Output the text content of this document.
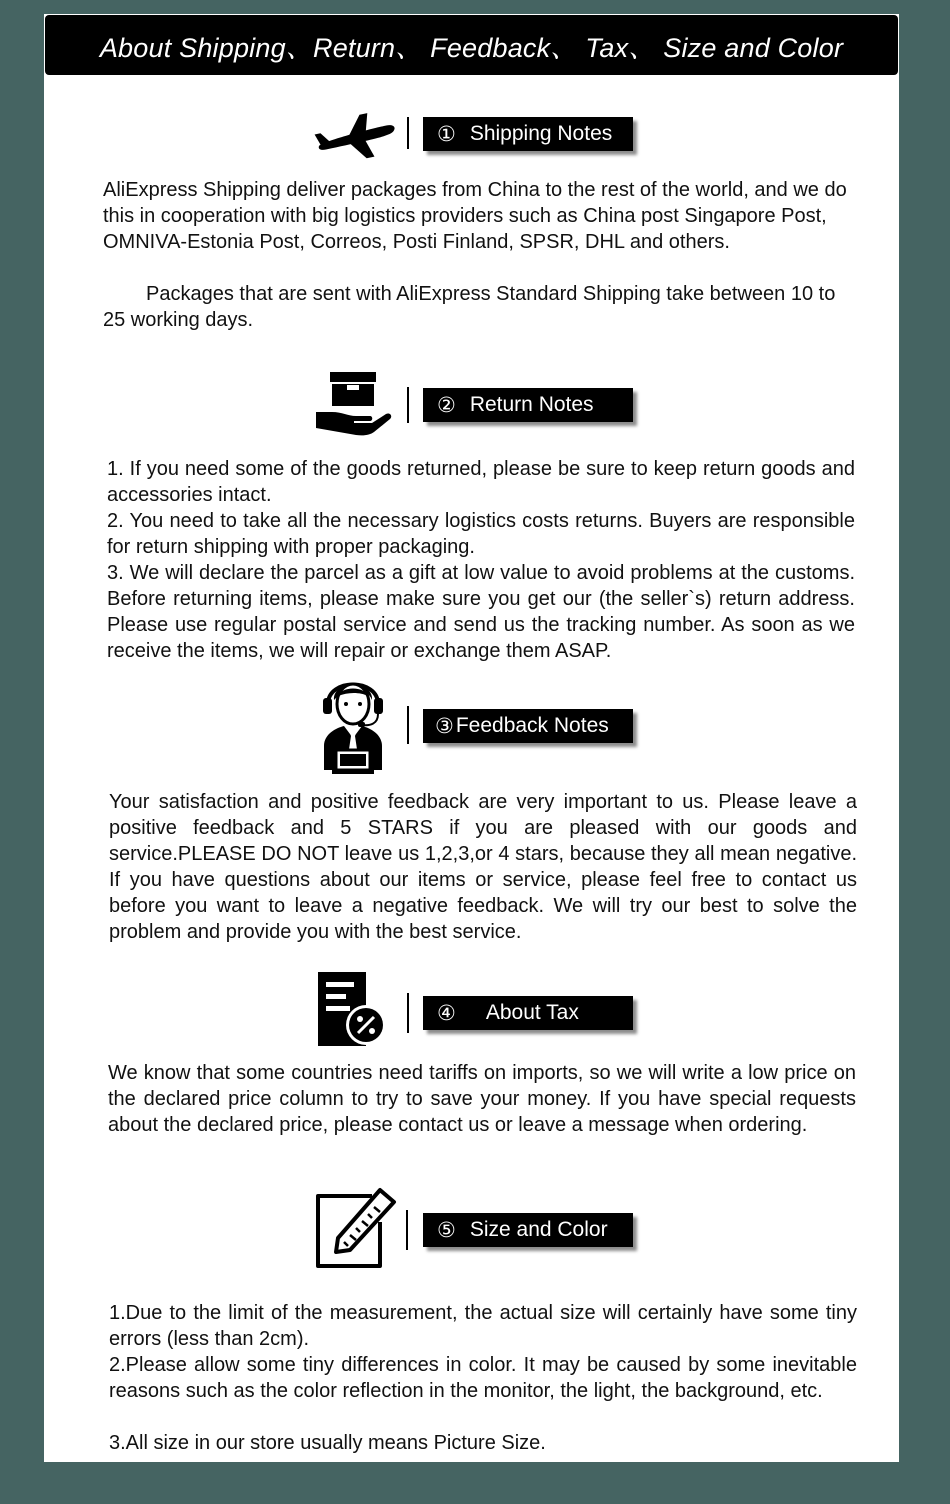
About Shipping、Return、 Feedback、 Tax、 Size and Color
① Shipping Notes

AliExpress Shipping deliver packages from China to the rest of the world, and we do this in cooperation with big logistics providers such as China post Singapore Post, OMNIVA-Estonia Post, Correos, Posti Finland, SPSR, DHL and others.

Packages that are sent with AliExpress Standard Shipping take between 10 to 25 working days.

② Return Notes

1. If you need some of the goods returned, please be sure to keep return goods and accessories intact.

2. You need to take all the necessary logistics costs returns. Buyers are responsible for return shipping with proper packaging.

3. We will declare the parcel as a gift at low value to avoid problems at the customs. Before returning items, please make sure you get our (the seller`s) return address. Please use regular postal service and send us the tracking number. As soon as we receive the items, we will repair or exchange them ASAP.

③ Feedback Notes

Your satisfaction and positive feedback are very important to us. Please leave a positive feedback and 5 STARS if you are pleased with our goods and service.PLEASE DO NOT leave us 1,2,3,or 4 stars, because they all mean negative. If you have questions about our items or service, please feel free to contact us before you want to leave a negative feedback. We will try our best to solve the problem and provide you with the best service.

④ About Tax

We know that some countries need tariffs on imports, so we will write a low price on the declared price column to try to save your money. If you have special requests about the declared price, please contact us or leave a message when ordering.

⑤ Size and Color

1.Due to the limit of the measurement, the actual size will certainly have some tiny errors (less than 2cm).

2.Please allow some tiny differences in color. It may be caused by some inevitable reasons such as the color reflection in the monitor, the light, the background, etc.

3.All size in our store usually means Picture Size.
